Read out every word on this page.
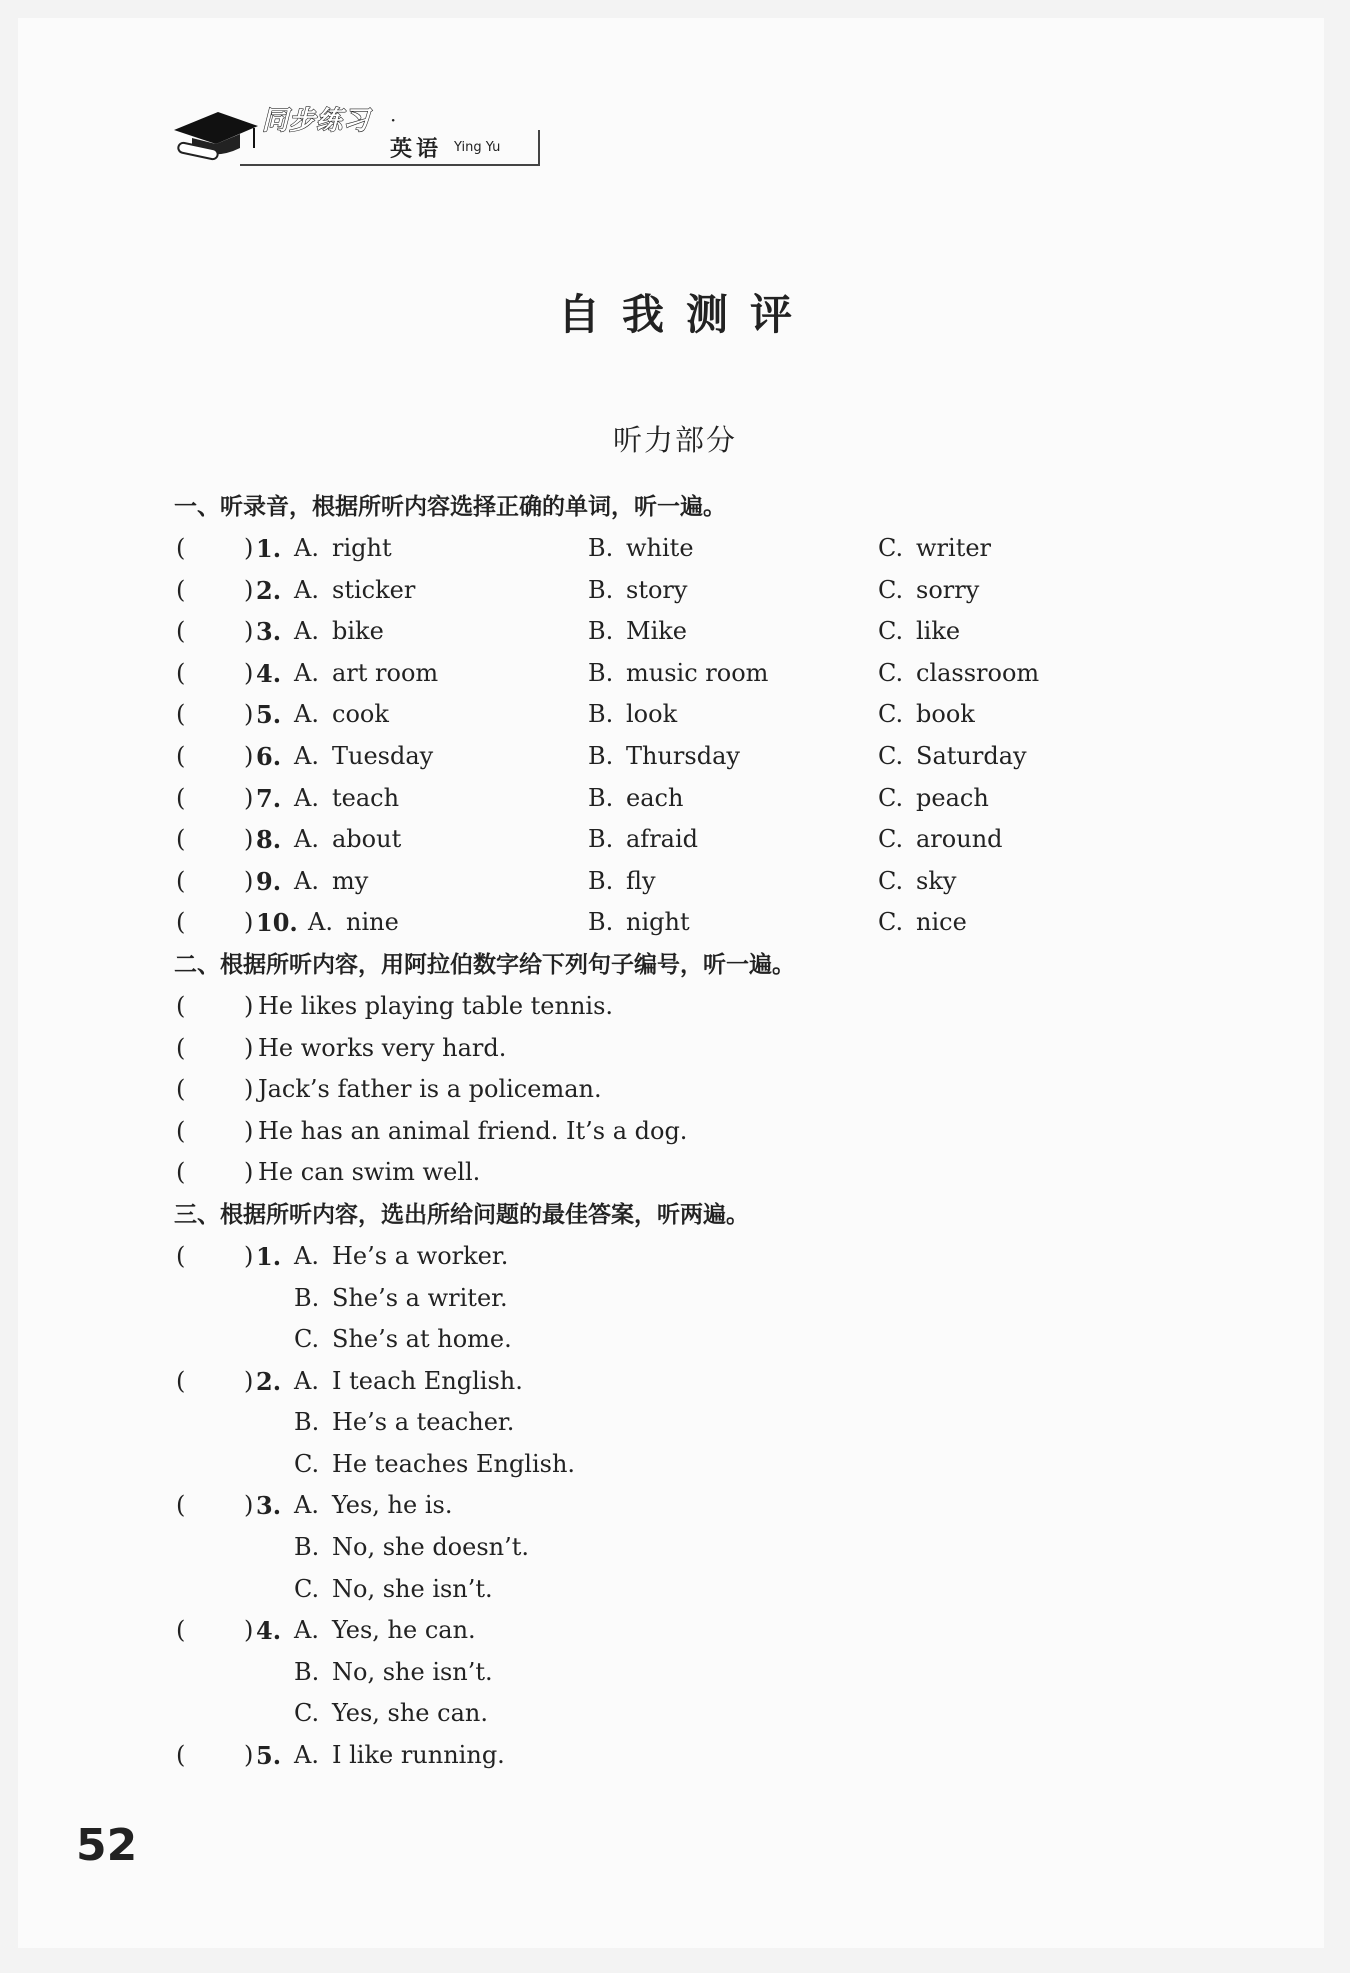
同步练习 ·
英语 Ying Yu
自我测评
听力部分
一、听录音，根据所听内容选择正确的单词，听一遍。
( ) 1. A. right	B. white	C. writer
( ) 2. A. sticker	B. story	C. sorry
( ) 3. A. bike	B. Mike	C. like
( ) 4. A. art room	B. music room	C. classroom
( ) 5. A. cook	B. look	C. book
( ) 6. A. Tuesday	B. Thursday	C. Saturday
( ) 7. A. teach	B. each	C. peach
( ) 8. A. about	B. afraid	C. around
( ) 9. A. my	B. fly	C. sky
( ) 10. A. nine	B. night	C. nice
二、根据所听内容，用阿拉伯数字给下列句子编号，听一遍。
( ) He likes playing table tennis.
( ) He works very hard.
( ) Jack’s father is a policeman.
( ) He has an animal friend. It’s a dog.
( ) He can swim well.
三、根据所听内容，选出所给问题的最佳答案，听两遍。
( ) 1. A. He’s a worker.
B. She’s a writer.
C. She’s at home.
( ) 2. A. I teach English.
B. He’s a teacher.
C. He teaches English.
( ) 3. A. Yes, he is.
B. No, she doesn’t.
C. No, she isn’t.
( ) 4. A. Yes, he can.
B. No, she isn’t.
C. Yes, she can.
( ) 5. A. I like running.
52
